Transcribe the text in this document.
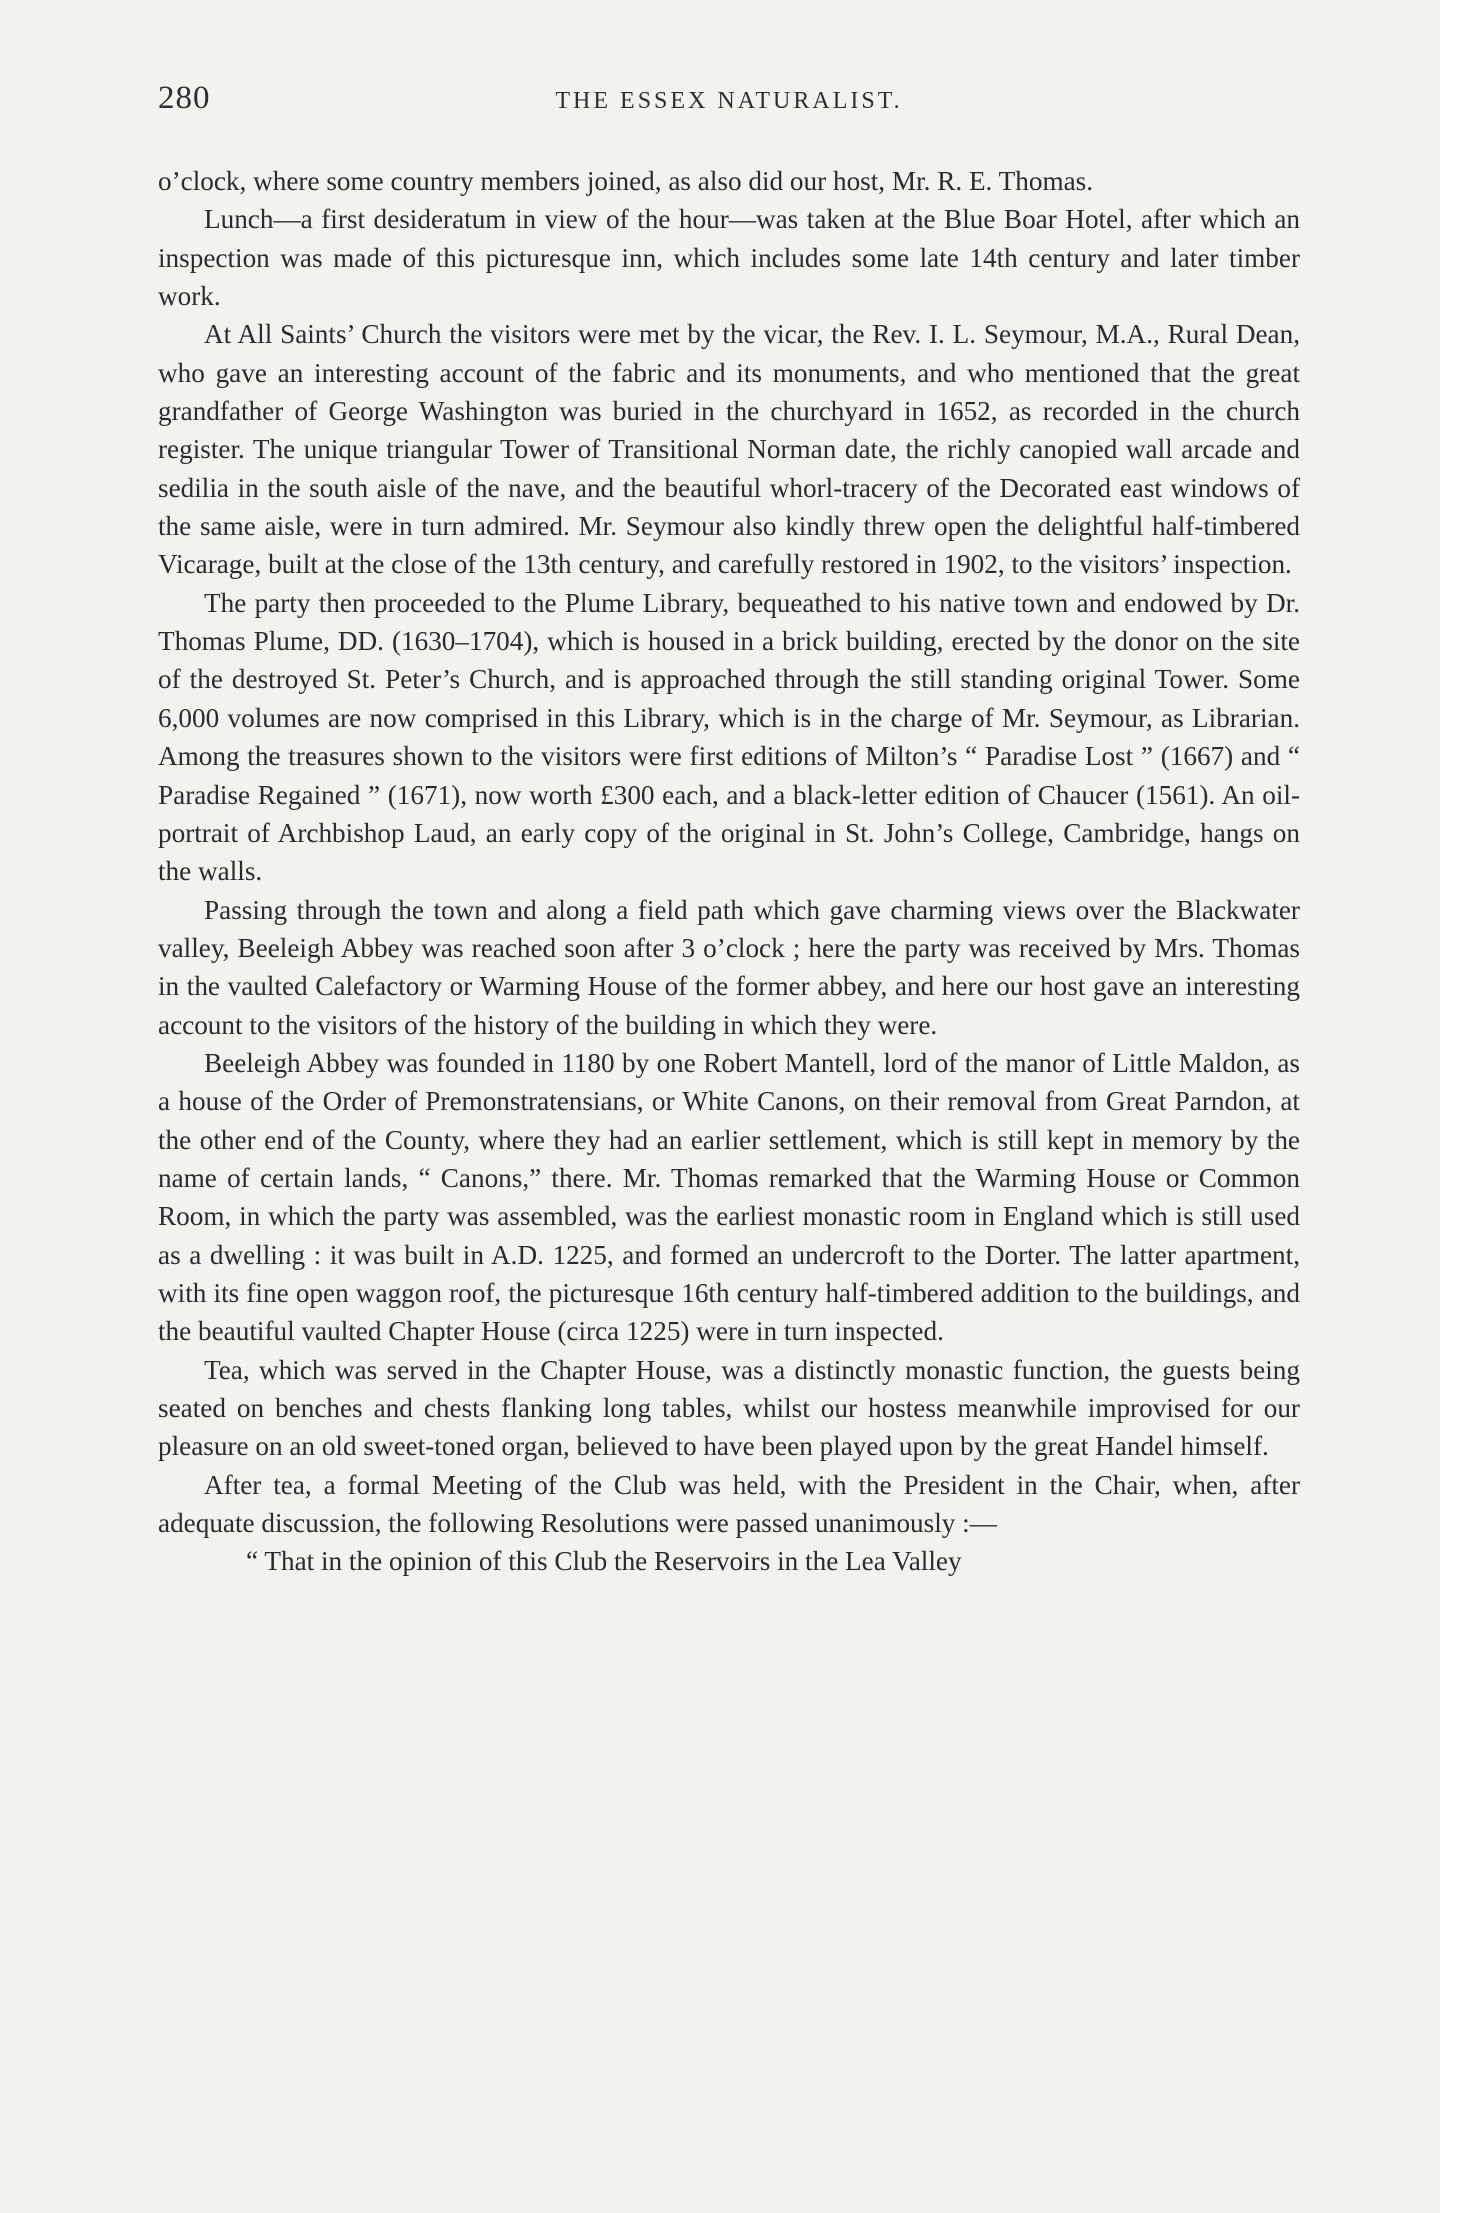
280	THE ESSEX NATURALIST.

o’clock, where some country members joined, as also did our host, Mr. R. E. Thomas.

Lunch—a first desideratum in view of the hour—was taken at the Blue Boar Hotel, after which an inspection was made of this picturesque inn, which includes some late 14th century and later timber work.

At All Saints’ Church the visitors were met by the vicar, the Rev. I. L. Seymour, M.A., Rural Dean, who gave an interesting account of the fabric and its monuments, and who mentioned that the great grandfather of George Washington was buried in the churchyard in 1652, as recorded in the church register. The unique triangular Tower of Transitional Norman date, the richly canopied wall arcade and sedilia in the south aisle of the nave, and the beautiful whorl-tracery of the Decorated east windows of the same aisle, were in turn admired. Mr. Seymour also kindly threw open the delightful half-timbered Vicarage, built at the close of the 13th century, and carefully restored in 1902, to the visitors’ inspection.

The party then proceeded to the Plume Library, bequeathed to his native town and endowed by Dr. Thomas Plume, DD. (1630–1704), which is housed in a brick building, erected by the donor on the site of the destroyed St. Peter’s Church, and is approached through the still standing original Tower. Some 6,000 volumes are now comprised in this Library, which is in the charge of Mr. Seymour, as Librarian. Among the treasures shown to the visitors were first editions of Milton’s “ Paradise Lost ” (1667) and “ Paradise Regained ” (1671), now worth £300 each, and a black-letter edition of Chaucer (1561). An oil-portrait of Archbishop Laud, an early copy of the original in St. John’s College, Cambridge, hangs on the walls.

Passing through the town and along a field path which gave charming views over the Blackwater valley, Beeleigh Abbey was reached soon after 3 o’clock ; here the party was received by Mrs. Thomas in the vaulted Calefactory or Warming House of the former abbey, and here our host gave an interesting account to the visitors of the history of the building in which they were.

Beeleigh Abbey was founded in 1180 by one Robert Mantell, lord of the manor of Little Maldon, as a house of the Order of Premonstratensians, or White Canons, on their removal from Great Parndon, at the other end of the County, where they had an earlier settlement, which is still kept in memory by the name of certain lands, “ Canons,” there. Mr. Thomas remarked that the Warming House or Common Room, in which the party was assembled, was the earliest monastic room in England which is still used as a dwelling : it was built in A.D. 1225, and formed an undercroft to the Dorter. The latter apartment, with its fine open waggon roof, the picturesque 16th century half-timbered addition to the buildings, and the beautiful vaulted Chapter House (circa 1225) were in turn inspected.

Tea, which was served in the Chapter House, was a distinctly monastic function, the guests being seated on benches and chests flanking long tables, whilst our hostess meanwhile improvised for our pleasure on an old sweet-toned organ, believed to have been played upon by the great Handel himself.

After tea, a formal Meeting of the Club was held, with the President in the Chair, when, after adequate discussion, the following Resolutions were passed unanimously :—

“ That in the opinion of this Club the Reservoirs in the Lea Valley
